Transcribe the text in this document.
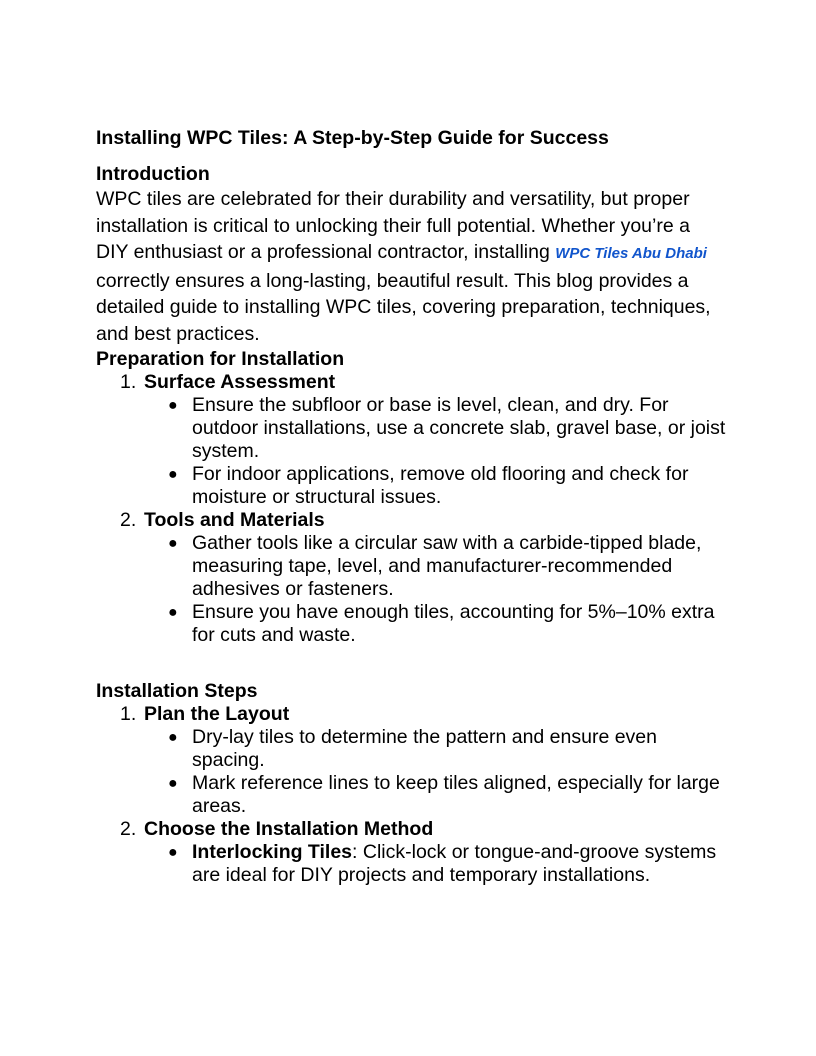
Installing WPC Tiles: A Step-by-Step Guide for Success
Introduction

WPC tiles are celebrated for their durability and versatility, but proper installation is critical to unlocking their full potential. Whether you’re a DIY enthusiast or a professional contractor, installing WPC Tiles Abu Dhabi correctly ensures a long-lasting, beautiful result. This blog provides a detailed guide to installing WPC tiles, covering preparation, techniques, and best practices.

Preparation for Installation
1. Surface Assessment
● Ensure the subfloor or base is level, clean, and dry. For outdoor installations, use a concrete slab, gravel base, or joist system.
● For indoor applications, remove old flooring and check for moisture or structural issues.
2. Tools and Materials
● Gather tools like a circular saw with a carbide-tipped blade, measuring tape, level, and manufacturer-recommended adhesives or fasteners.
● Ensure you have enough tiles, accounting for 5%–10% extra for cuts and waste.
Installation Steps
1. Plan the Layout
● Dry-lay tiles to determine the pattern and ensure even spacing.
● Mark reference lines to keep tiles aligned, especially for large areas.
2. Choose the Installation Method
● Interlocking Tiles: Click-lock or tongue-and-groove systems are ideal for DIY projects and temporary installations.
